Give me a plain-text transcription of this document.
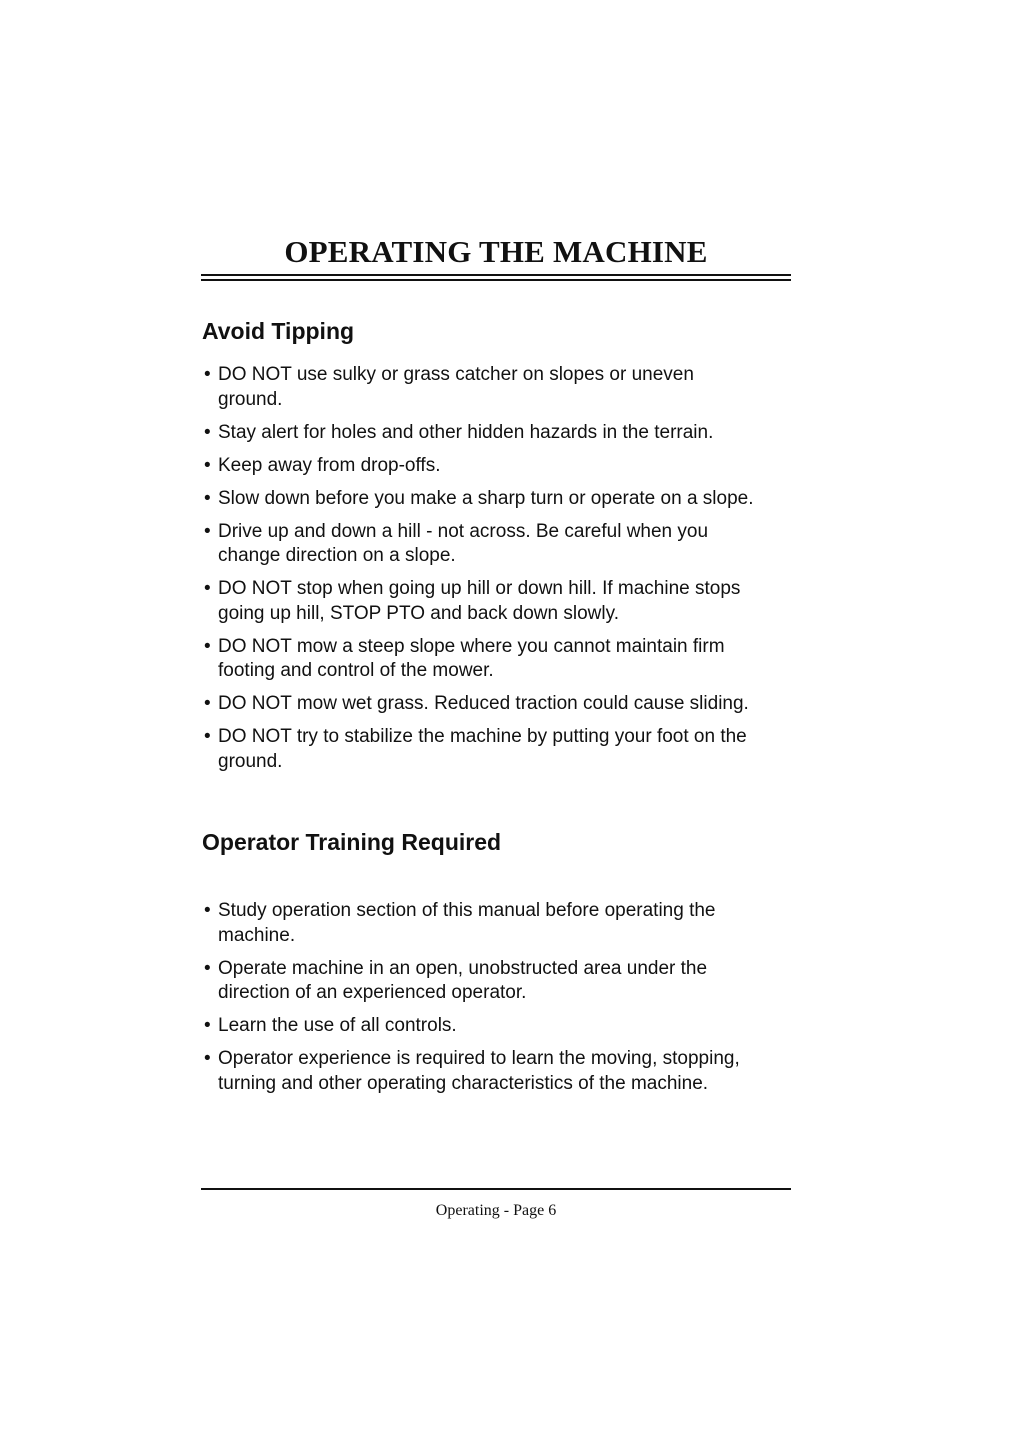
OPERATING THE MACHINE
Avoid Tipping
• DO NOT use sulky or grass catcher on slopes or uneven
ground.
• Stay alert for holes and other hidden hazards in the terrain.
• Keep away from drop-offs.
• Slow down before you make a sharp turn or operate on a slope.
• Drive up and down a hill - not across. Be careful when you
change direction on a slope.
• DO NOT stop when going up hill or down hill. If machine stops
going up hill, STOP PTO and back down slowly.
• DO NOT mow a steep slope where you cannot maintain firm
footing and control of the mower.
• DO NOT mow wet grass. Reduced traction could cause sliding.
• DO NOT try to stabilize the machine by putting your foot on the
ground.
Operator Training Required
• Study operation section of this manual before operating the
machine.
• Operate machine in an open, unobstructed area under the
direction of an experienced operator.
• Learn the use of all controls.
• Operator experience is required to learn the moving, stopping,
turning and other operating characteristics of the machine.

Operating - Page 6
